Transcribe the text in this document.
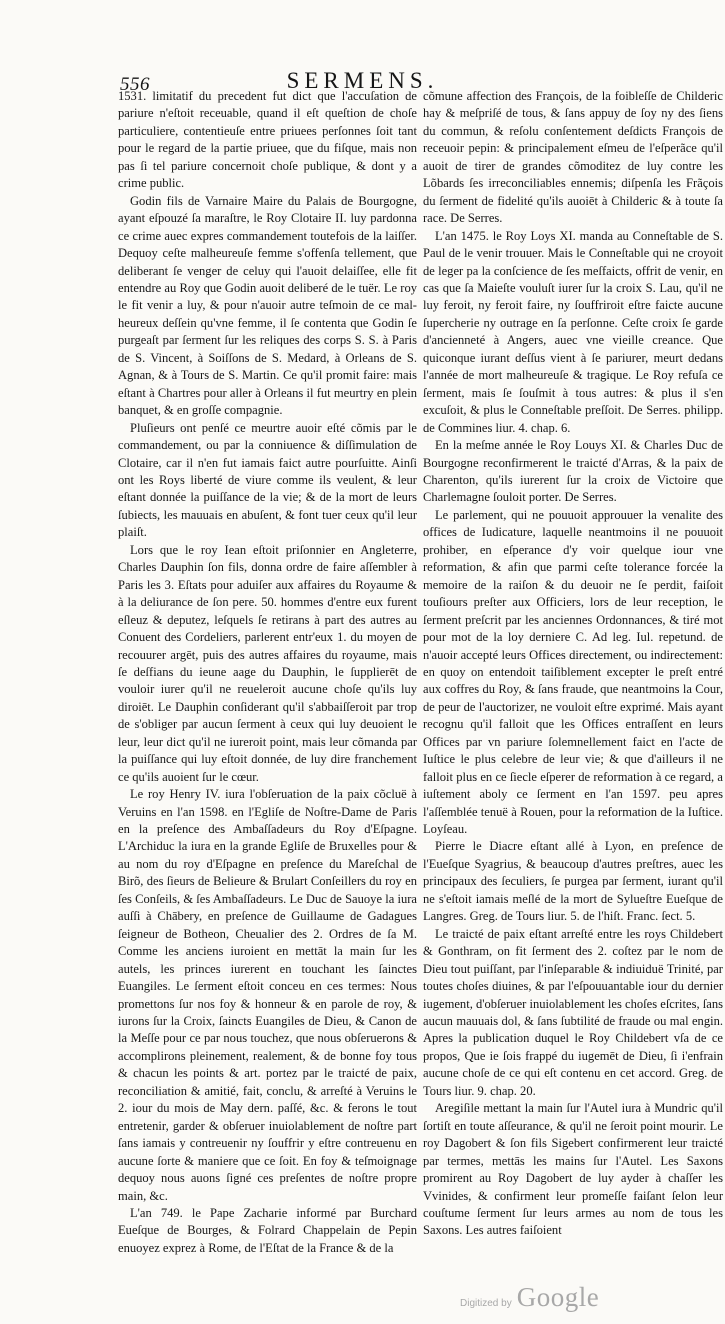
556	SERMENS.

1531. limitatif du precedent fut dict que l'accuſation de pariure n'eſtoit receuable, quand il eſt queſtion de choſe particuliere, contentieuſe entre priuees perſonnes ſoit tant pour le regard de la partie priuee, que du fiſque, mais non pas ſi tel pariure concernoit choſe publique, & dont y a crime public.

Godin fils de Varnaire Maire du Palais de Bourgogne, ayant eſpouzé ſa maraſtre, le Roy Clotaire II. luy pardonna ce crime auec expres commandement toutefois de la laiſſer. Dequoy ceſte malheureuſe femme s'offenſa tellement, que deliberant ſe venger de celuy qui l'auoit delaiſſee, elle fit entendre au Roy que Godin auoit deliberé de le tuër. Le roy le fit venir a luy, & pour n'auoir autre teſmoin de ce mal-heureux deſſein qu'vne femme, il ſe contenta que Godin ſe purgeaſt par ſerment ſur les reliques des corps S. S. à Paris de S. Vincent, à Soiſſons de S. Medard, à Orleans de S. Agnan, & à Tours de S. Martin. Ce qu'il promit faire: mais eſtant à Chartres pour aller à Orleans il fut meurtry en plein banquet, & en groſſe compagnie.

Pluſieurs ont penſé ce meurtre auoir eſté cõmis par le commandement, ou par la conniuence & diſſimulation de Clotaire, car il n'en fut iamais faict autre pourſuitte. Ainſi ont les Roys liberté de viure comme ils veulent, & leur eſtant donnée la puiſſance de la vie; & de la mort de leurs ſubiects, les mauuais en abuſent, & font tuer ceux qu'il leur plaiſt.

Lors que le roy Iean eſtoit priſonnier en Angleterre, Charles Dauphin ſon fils, donna ordre de faire aſſembler à Paris les 3. Eſtats pour aduiſer aux affaires du Royaume & à la deliurance de ſon pere. 50. hommes d'entre eux furent eſleuz & deputez, leſquels ſe retirans à part des autres au Conuent des Cordeliers, parlerent entr'eux 1. du moyen de recouurer argēt, puis des autres affaires du royaume, mais ſe deſfians du ieune aage du Dauphin, le ſupplierēt de vouloir iurer qu'il ne reueleroit aucune choſe qu'ils luy diroiēt. Le Dauphin conſiderant qu'il s'abbaiſſeroit par trop de s'obliger par aucun ſerment à ceux qui luy deuoient le leur, leur dict qu'il ne iureroit point, mais leur cõmanda par la puiſſance qui luy eſtoit donnée, de luy dire franchement ce qu'ils auoient ſur le cœur.

Le roy Henry IV. iura l'obſeruation de la paix cõcluë à Veruins en l'an 1598. en l'Egliſe de Noſtre-Dame de Paris en la preſence des Ambaſſadeurs du Roy d'Eſpagne. L'Archiduc la iura en la grande Egliſe de Bruxelles pour & au nom du roy d'Eſpagne en preſence du Mareſchal de Birõ, des ſieurs de Belieure & Brulart Conſeillers du roy en ſes Conſeils, & ſes Ambaſſadeurs. Le Duc de Sauoye la iura auſſi à Chābery, en preſence de Guillaume de Gadagues ſeigneur de Botheon, Cheualier des 2. Ordres de ſa M. Comme les anciens iuroient en mettāt la main ſur les autels, les princes iurerent en touchant les ſainctes Euangiles. Le ſerment eſtoit conceu en ces termes: Nous promettons ſur nos foy & honneur & en parole de roy, & iurons ſur la Croix, ſaincts Euangiles de Dieu, & Canon de la Meſſe pour ce par nous touchez, que nous obſeruerons & accomplirons pleinement, realement, & de bonne foy tous & chacun les points & art. portez par le traicté de paix, reconciliation & amitié, fait, conclu, & arreſté à Veruins le 2. iour du mois de May dern. paſſé, &c. & ferons le tout entretenir, garder & obſeruer inuiolablement de noſtre part ſans iamais y contreuenir ny ſouffrir y eſtre contreuenu en aucune ſorte & maniere que ce ſoit. En foy & teſmoignage dequoy nous auons ſigné ces preſentes de noſtre propre main, &c.

L'an 749. le Pape Zacharie informé par Burchard Eueſque de Bourges, & Folrard Chappelain de Pepin enuoyez exprez à Rome, de l'Eſtat de la France & de la

cõmune affection des François, de la foibleſſe de Childeric hay & meſpriſé de tous, & ſans appuy de ſoy ny des ſiens du commun, & reſolu conſentement deſdicts François de receuoir pepin: & principalement eſmeu de l'eſperãce qu'il auoit de tirer de grandes cõmoditez de luy contre les Lõbards ſes irreconciliables ennemis; diſpenſa les Frãçois du ſerment de fidelité qu'ils auoiēt à Childeric & à toute ſa race. De Serres.

L'an 1475. le Roy Loys XI. manda au Conneſtable de S. Paul de le venir trouuer. Mais le Conneſtable qui ne croyoit de leger pa la conſcience de ſes meſfaicts, offrit de venir, en cas que ſa Maieſte vouluſt iurer ſur la croix S. Lau, qu'il ne luy feroit, ny feroit faire, ny ſouffriroit eſtre faicte aucune ſupercherie ny outrage en ſa perſonne. Ceſte croix ſe garde d'ancienneté à Angers, auec vne vieille creance. Que quiconque iurant deſſus vient à ſe pariurer, meurt dedans l'année de mort malheureuſe & tragique. Le Roy refuſa ce ſerment, mais ſe ſouſmit à tous autres: & plus il s'en excuſoit, & plus le Conneſtable preſſoit. De Serres. philipp. de Commines liur. 4. chap. 6.

En la meſme année le Roy Louys XI. & Charles Duc de Bourgogne reconfirmerent le traicté d'Arras, & la paix de Charenton, qu'ils iurerent ſur la croix de Victoire que Charlemagne ſouloit porter. De Serres.

Le parlement, qui ne pouuoit approuuer la venalite des offices de Iudicature, laquelle neantmoins il ne pouuoit prohiber, en eſperance d'y voir quelque iour vne reformation, & afin que parmi ceſte tolerance forcée la memoire de la raiſon & du deuoir ne ſe perdit, faiſoit touſiours preſter aux Officiers, lors de leur reception, le ſerment preſcrit par les anciennes Ordonnances, & tiré mot pour mot de la loy derniere C. Ad leg. Iul. repetund. de n'auoir accepté leurs Offices directement, ou indirectement: en quoy on entendoit taiſiblement excepter le preſt entré aux coffres du Roy, & ſans fraude, que neantmoins la Cour, de peur de l'auctorizer, ne vouloit eſtre exprimé. Mais ayant recognu qu'il falloit que les Offices entraſſent en leurs Offices par vn pariure ſolemnellement faict en l'acte de Iuſtice le plus celebre de leur vie; & que d'ailleurs il ne falloit plus en ce ſiecle eſperer de reformation à ce regard, a iuſtement aboly ce ſerment en l'an 1597. peu apres l'aſſemblée tenuë à Rouen, pour la reformation de la Iuſtice. Loyſeau.

Pierre le Diacre eſtant allé à Lyon, en preſence de l'Eueſque Syagrius, & beaucoup d'autres preſtres, auec les principaux des ſeculiers, ſe purgea par ſerment, iurant qu'il ne s'eſtoit iamais meſlé de la mort de Sylueſtre Eueſque de Langres. Greg. de Tours liur. 5. de l'hiſt. Franc. ſect. 5.

Le traicté de paix eſtant arreſté entre les roys Childebert & Gonthram, on fit ſerment des 2. coſtez par le nom de Dieu tout puiſſant, par l'inſeparable & indiuiduë Trinité, par toutes choſes diuines, & par l'eſpouuantable iour du dernier iugement, d'obſeruer inuiolablement les choſes eſcrites, ſans aucun mauuais dol, & ſans ſubtilité de fraude ou mal engin. Apres la publication duquel le Roy Childebert vſa de ce propos, Que ie ſois frappé du iugemēt de Dieu, ſi i'enfrain aucune choſe de ce qui eſt contenu en cet accord. Greg. de Tours liur. 9. chap. 20.

Aregiſile mettant la main ſur l'Autel iura à Mundric qu'il ſortiſt en toute aſſeurance, & qu'il ne ſeroit point mourir. Le roy Dagobert & ſon fils Sigebert confirmerent leur traicté par termes, mettās les mains ſur l'Autel. Les Saxons promirent au Roy Dagobert de luy ayder à chaſſer les Vvinides, & confirment leur promeſſe faiſant ſelon leur couſtume ſerment ſur leurs armes au nom de tous les Saxons. Les autres faiſoient

Digitized by Google
